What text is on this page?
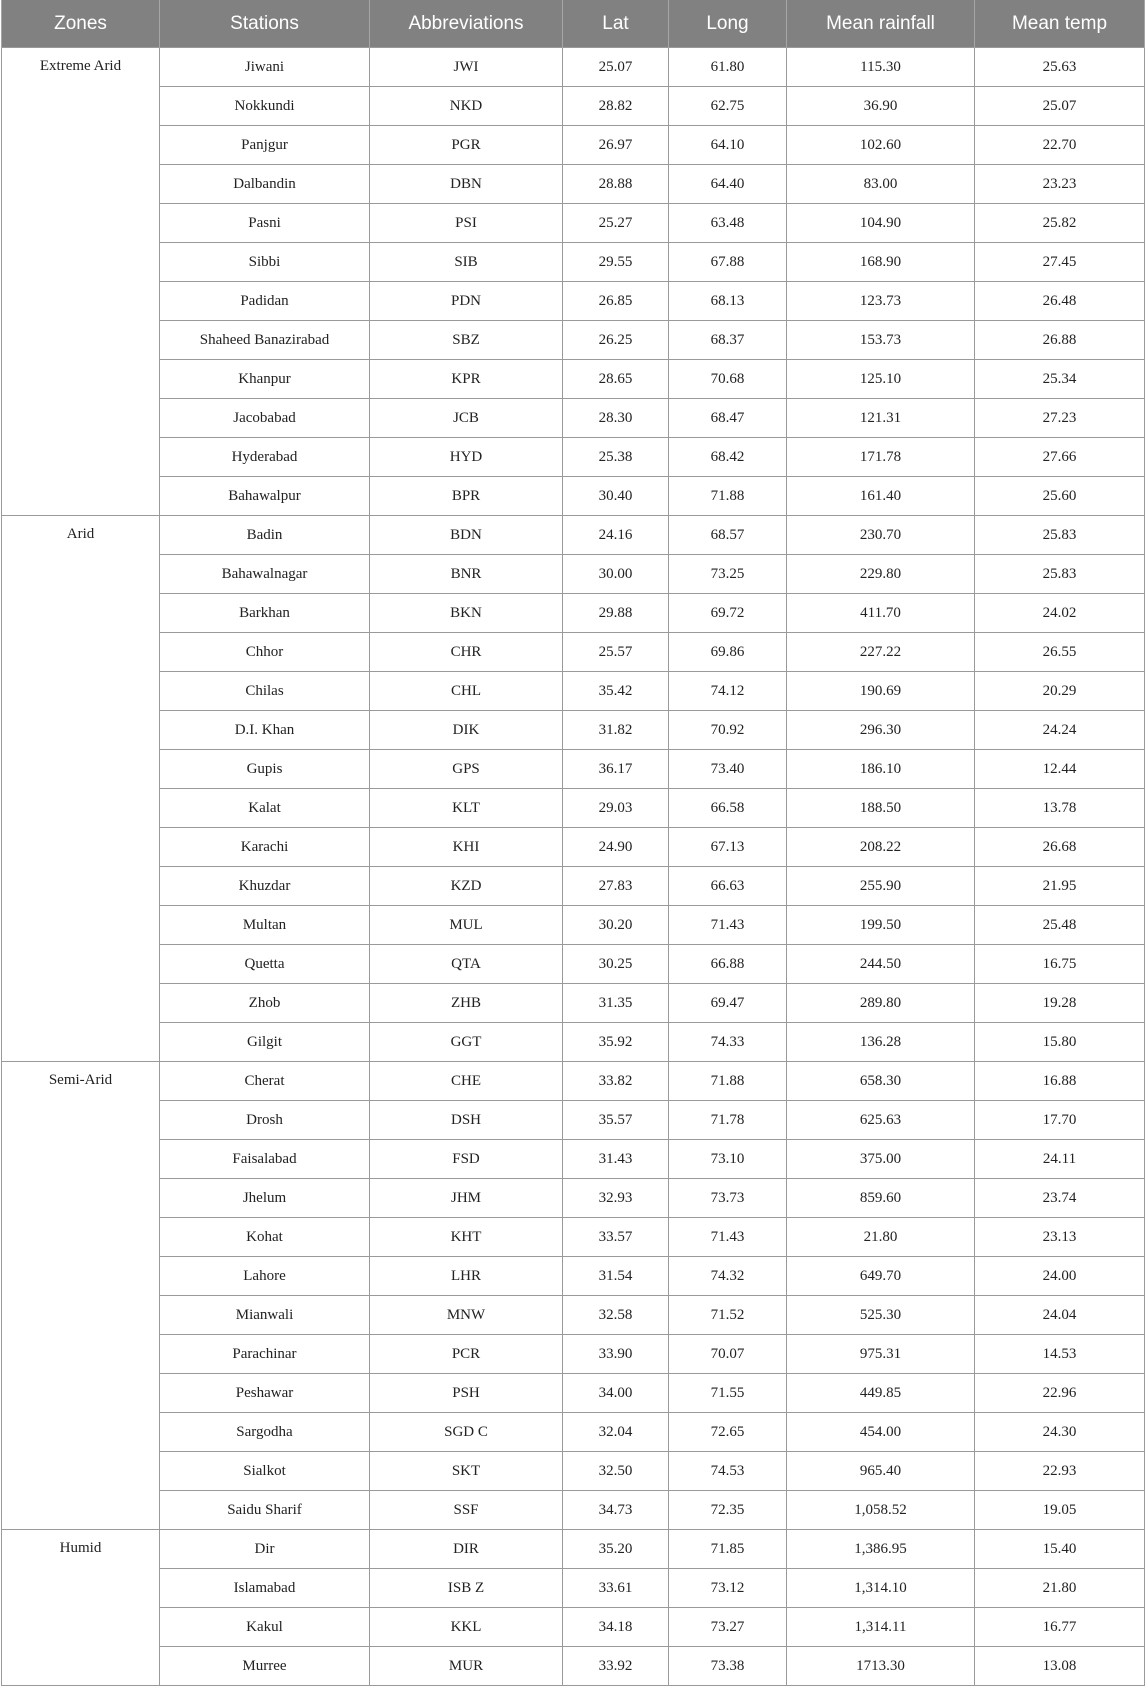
Zones	Stations	Abbreviations	Lat	Long	Mean rainfall	Mean temp
Extreme Arid	Jiwani	JWI	25.07	61.80	115.30	25.63
	Nokkundi	NKD	28.82	62.75	36.90	25.07
	Panjgur	PGR	26.97	64.10	102.60	22.70
	Dalbandin	DBN	28.88	64.40	83.00	23.23
	Pasni	PSI	25.27	63.48	104.90	25.82
	Sibbi	SIB	29.55	67.88	168.90	27.45
	Padidan	PDN	26.85	68.13	123.73	26.48
	Shaheed Banazirabad	SBZ	26.25	68.37	153.73	26.88
	Khanpur	KPR	28.65	70.68	125.10	25.34
	Jacobabad	JCB	28.30	68.47	121.31	27.23
	Hyderabad	HYD	25.38	68.42	171.78	27.66
	Bahawalpur	BPR	30.40	71.88	161.40	25.60
Arid	Badin	BDN	24.16	68.57	230.70	25.83
	Bahawalnagar	BNR	30.00	73.25	229.80	25.83
	Barkhan	BKN	29.88	69.72	411.70	24.02
	Chhor	CHR	25.57	69.86	227.22	26.55
	Chilas	CHL	35.42	74.12	190.69	20.29
	D.I. Khan	DIK	31.82	70.92	296.30	24.24
	Gupis	GPS	36.17	73.40	186.10	12.44
	Kalat	KLT	29.03	66.58	188.50	13.78
	Karachi	KHI	24.90	67.13	208.22	26.68
	Khuzdar	KZD	27.83	66.63	255.90	21.95
	Multan	MUL	30.20	71.43	199.50	25.48
	Quetta	QTA	30.25	66.88	244.50	16.75
	Zhob	ZHB	31.35	69.47	289.80	19.28
	Gilgit	GGT	35.92	74.33	136.28	15.80
Semi-Arid	Cherat	CHE	33.82	71.88	658.30	16.88
	Drosh	DSH	35.57	71.78	625.63	17.70
	Faisalabad	FSD	31.43	73.10	375.00	24.11
	Jhelum	JHM	32.93	73.73	859.60	23.74
	Kohat	KHT	33.57	71.43	21.80	23.13
	Lahore	LHR	31.54	74.32	649.70	24.00
	Mianwali	MNW	32.58	71.52	525.30	24.04
	Parachinar	PCR	33.90	70.07	975.31	14.53
	Peshawar	PSH	34.00	71.55	449.85	22.96
	Sargodha	SGD C	32.04	72.65	454.00	24.30
	Sialkot	SKT	32.50	74.53	965.40	22.93
	Saidu Sharif	SSF	34.73	72.35	1,058.52	19.05
Humid	Dir	DIR	35.20	71.85	1,386.95	15.40
	Islamabad	ISB Z	33.61	73.12	1,314.10	21.80
	Kakul	KKL	34.18	73.27	1,314.11	16.77
	Murree	MUR	33.92	73.38	1713.30	13.08
